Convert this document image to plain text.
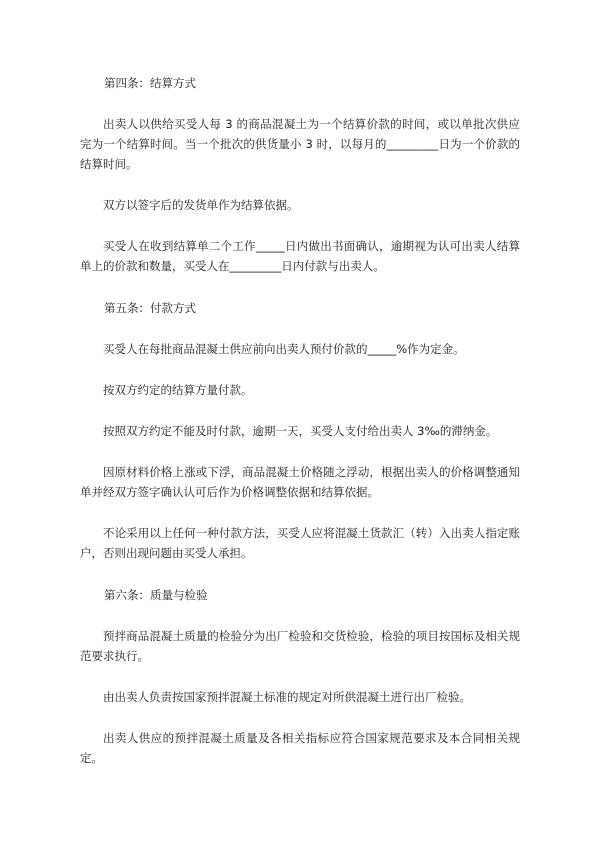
第四条：结算方式

出卖人以供给买受人每 3 的商品混凝土为一个结算价款的时间，或以单批次供应完为一个结算时间。当一个批次的供货量小 3 时，以每月的_________日为一个价款的结算时间。

双方以签字后的发货单作为结算依据。

买受人在收到结算单二个工作_____日内做出书面确认，逾期视为认可出卖人结算单上的价款和数量，买受人在_________日内付款与出卖人。

第五条：付款方式

买受人在每批商品混凝土供应前向出卖人预付价款的_____%作为定金。

按双方约定的结算方量付款。

按照双方约定不能及时付款，逾期一天，买受人支付给出卖人 3‰的滞纳金。

因原材料价格上涨或下浮，商品混凝土价格随之浮动，根据出卖人的价格调整通知单并经双方签字确认认可后作为价格调整依据和结算依据。

不论采用以上任何一种付款方法，买受人应将混凝土货款汇（转）入出卖人指定账户，否则出现问题由买受人承担。

第六条：质量与检验

预拌商品混凝土质量的检验分为出厂检验和交货检验，检验的项目按国标及相关规范要求执行。

由出卖人负责按国家预拌混凝土标准的规定对所供混凝土进行出厂检验。

出卖人供应的预拌混凝土质量及各相关指标应符合国家规范要求及本合同相关规定。
